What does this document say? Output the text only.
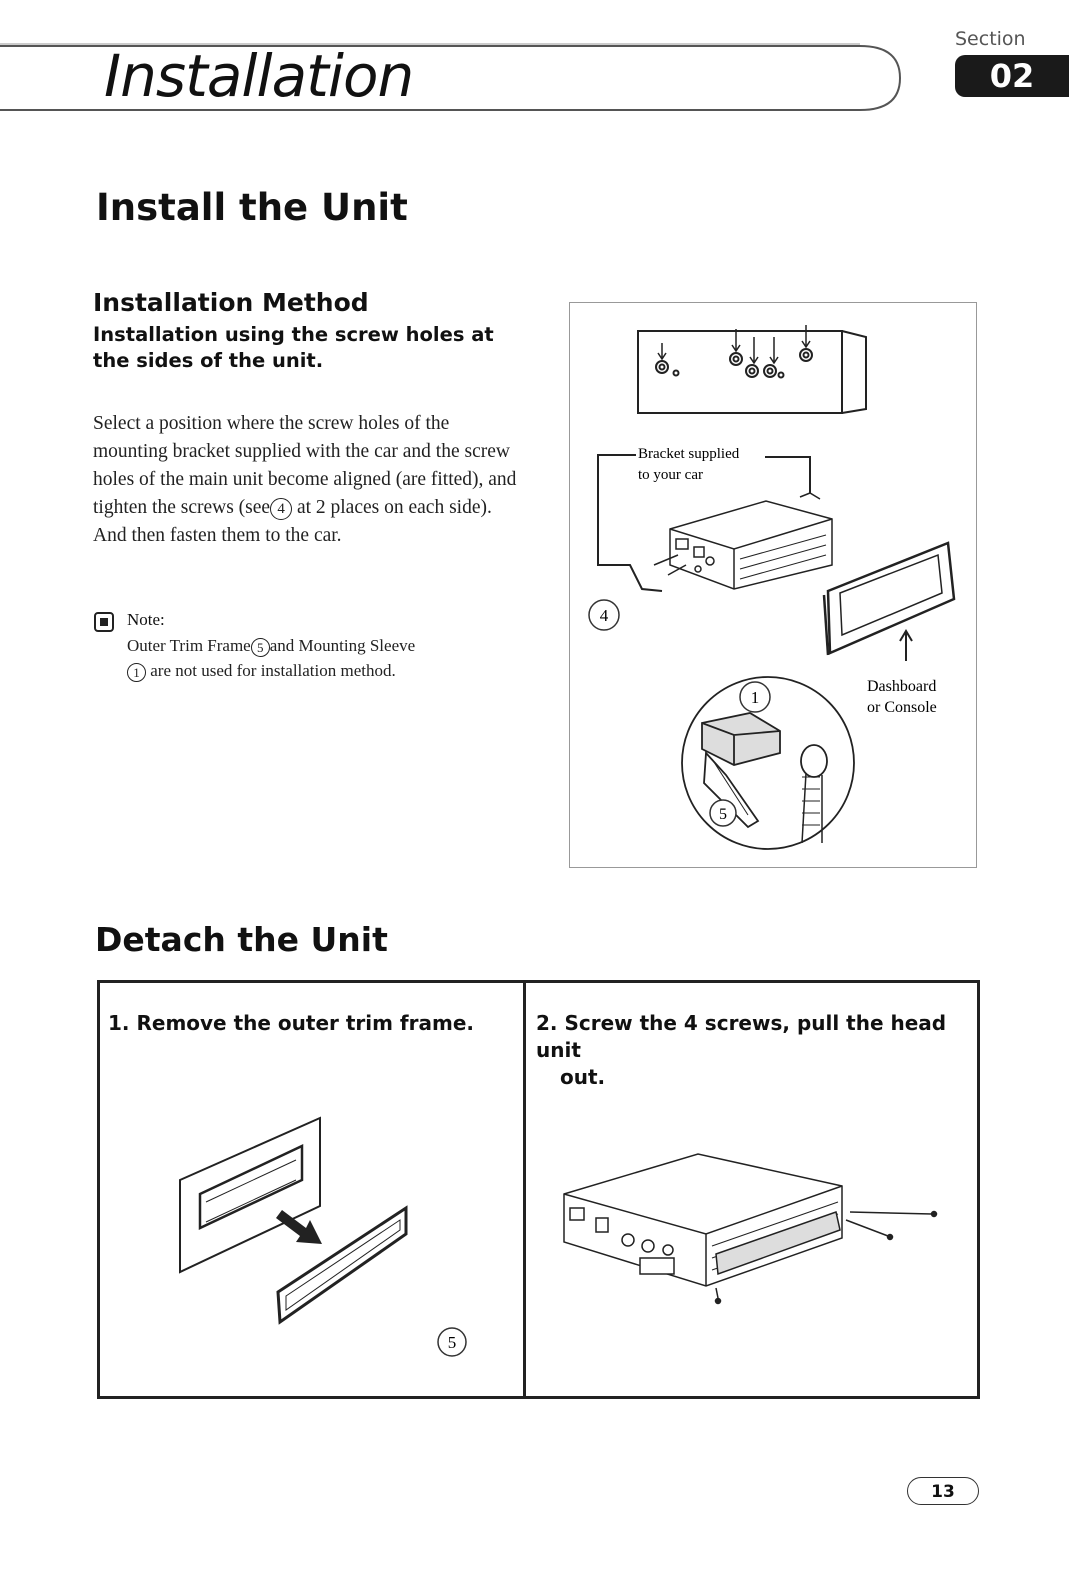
Installation
Section
02
Install the Unit
Installation Method
Installation using the screw holes at the sides of the unit.
Select a position where the screw holes of the mounting bracket supplied with the car and the screw holes of the main unit become aligned (are fitted), and tighten the screws (see 4 at 2 places on each side). And then fasten them to the car.
Note:
Outer Trim Frame 5 and Mounting Sleeve
1 are not used for installation method.
Bracket supplied
to your car
Dashboard
or Console
4
1
5
Detach the Unit
1. Remove the outer trim frame.	2. Screw the 4 screws, pull the head unit
out.
5
13
